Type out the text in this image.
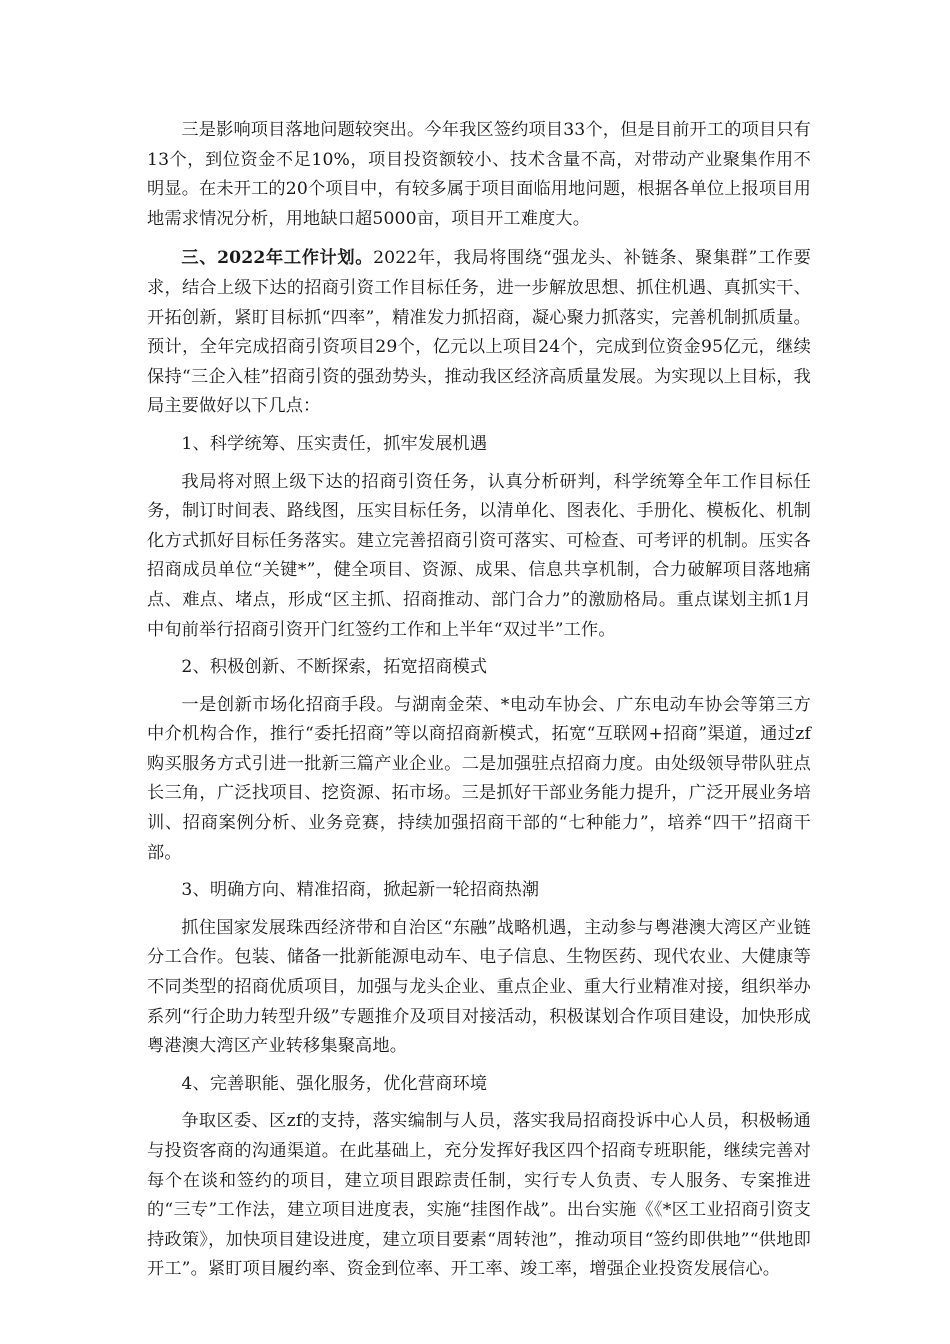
三是影响项目落地问题较突出。今年我区签约项目33个，但是目前开工的项目只有13个，到位资金不足10%，项目投资额较小、技术含量不高，对带动产业聚集作用不明显。在未开工的20个项目中，有较多属于项目面临用地问题，根据各单位上报项目用地需求情况分析，用地缺口超5000亩，项目开工难度大。

三、2022年工作计划。2022年，我局将围绕“强龙头、补链条、聚集群”工作要求，结合上级下达的招商引资工作目标任务，进一步解放思想、抓住机遇、真抓实干、开拓创新，紧盯目标抓“四率”，精准发力抓招商，凝心聚力抓落实，完善机制抓质量。预计，全年完成招商引资项目29个，亿元以上项目24个，完成到位资金95亿元，继续保持“三企入桂”招商引资的强劲势头，推动我区经济高质量发展。为实现以上目标，我局主要做好以下几点：

1、科学统筹、压实责任，抓牢发展机遇

我局将对照上级下达的招商引资任务，认真分析研判，科学统筹全年工作目标任务，制订时间表、路线图，压实目标任务，以清单化、图表化、手册化、模板化、机制化方式抓好目标任务落实。建立完善招商引资可落实、可检查、可考评的机制。压实各招商成员单位“关键*”，健全项目、资源、成果、信息共享机制，合力破解项目落地痛点、难点、堵点，形成“区主抓、招商推动、部门合力”的激励格局。重点谋划主抓1月中旬前举行招商引资开门红签约工作和上半年“双过半”工作。

2、积极创新、不断探索，拓宽招商模式

一是创新市场化招商手段。与湖南金荣、*电动车协会、广东电动车协会等第三方中介机构合作，推行“委托招商”等以商招商新模式，拓宽“互联网+招商”渠道，通过zf购买服务方式引进一批新三篇产业企业。二是加强驻点招商力度。由处级领导带队驻点长三角，广泛找项目、挖资源、拓市场。三是抓好干部业务能力提升，广泛开展业务培训、招商案例分析、业务竞赛，持续加强招商干部的“七种能力”，培养“四干”招商干部。

3、明确方向、精准招商，掀起新一轮招商热潮

抓住国家发展珠西经济带和自治区“东融”战略机遇，主动参与粤港澳大湾区产业链分工合作。包装、储备一批新能源电动车、电子信息、生物医药、现代农业、大健康等不同类型的招商优质项目，加强与龙头企业、重点企业、重大行业精准对接，组织举办系列“行企助力转型升级”专题推介及项目对接活动，积极谋划合作项目建设，加快形成粤港澳大湾区产业转移集聚高地。

4、完善职能、强化服务，优化营商环境

争取区委、区zf的支持，落实编制与人员，落实我局招商投诉中心人员，积极畅通与投资客商的沟通渠道。在此基础上，充分发挥好我区四个招商专班职能，继续完善对每个在谈和签约的项目，建立项目跟踪责任制，实行专人负责、专人服务、专案推进的“三专”工作法，建立项目进度表，实施“挂图作战”。出台实施《《*区工业招商引资支持政策》，加快项目建设进度，建立项目要素“周转池”，推动项目“签约即供地”“供地即开工”。紧盯项目履约率、资金到位率、开工率、竣工率，增强企业投资发展信心。
